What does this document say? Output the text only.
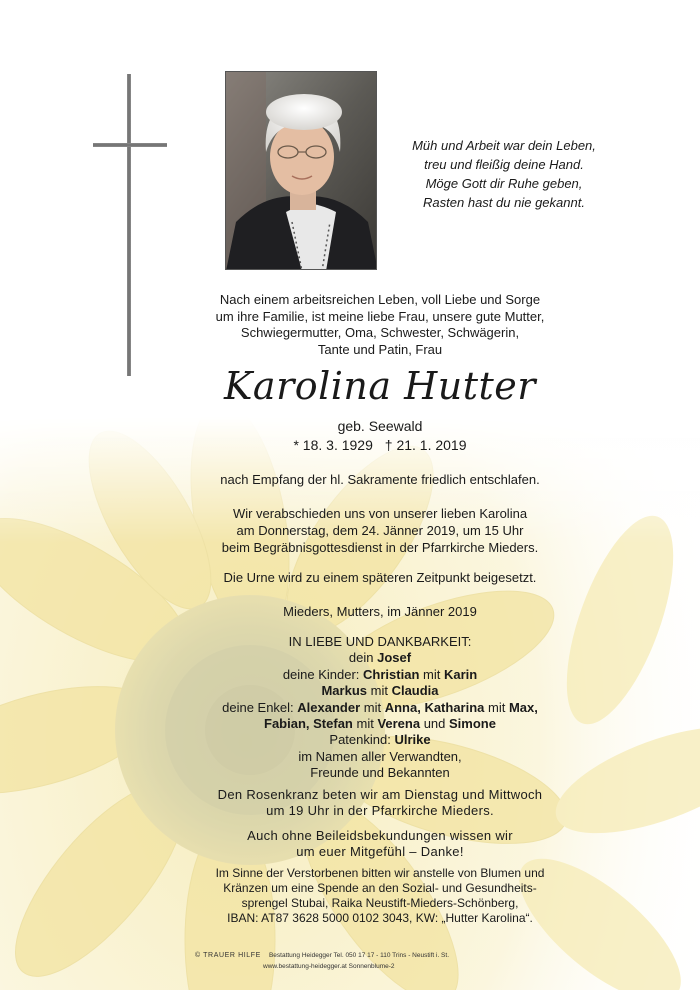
Müh und Arbeit war dein Leben,
treu und fleißig deine Hand.
Möge Gott dir Ruhe geben,
Rasten hast du nie gekannt.
Nach einem arbeitsreichen Leben, voll Liebe und Sorge
um ihre Familie, ist meine liebe Frau, unsere gute Mutter,
Schwiegermutter, Oma, Schwester, Schwägerin,
Tante und Patin, Frau
Karolina Hutter
geb. Seewald
* 18. 3. 1929 † 21. 1. 2019
nach Empfang der hl. Sakramente friedlich entschlafen.
Wir verabschieden uns von unserer lieben Karolina
am Donnerstag, dem 24. Jänner 2019, um 15 Uhr
beim Begräbnisgottesdienst in der Pfarrkirche Mieders.
Die Urne wird zu einem späteren Zeitpunkt beigesetzt.
Mieders, Mutters, im Jänner 2019
IN LIEBE UND DANKBARKEIT:
dein Josef
deine Kinder: Christian mit Karin
Markus mit Claudia
deine Enkel: Alexander mit Anna, Katharina mit Max,
Fabian, Stefan mit Verena und Simone
Patenkind: Ulrike
im Namen aller Verwandten,
Freunde und Bekannten
Den Rosenkranz beten wir am Dienstag und Mittwoch
um 19 Uhr in der Pfarrkirche Mieders.
Auch ohne Beileidsbekundungen wissen wir
um euer Mitgefühl – Danke!
Im Sinne der Verstorbenen bitten wir anstelle von Blumen und
Kränzen um eine Spende an den Sozial- und Gesundheits-
sprengel Stubai, Raika Neustift-Mieders-Schönberg,
IBAN: AT87 3628 5000 0102 3043, KW: „Hutter Karolina“.
© TRAUER HILFE Bestattung Heidegger Tel. 050 17 17 - 110 Trins - Neustift i. St.
www.bestattung-heidegger.at Sonnenblume-2
